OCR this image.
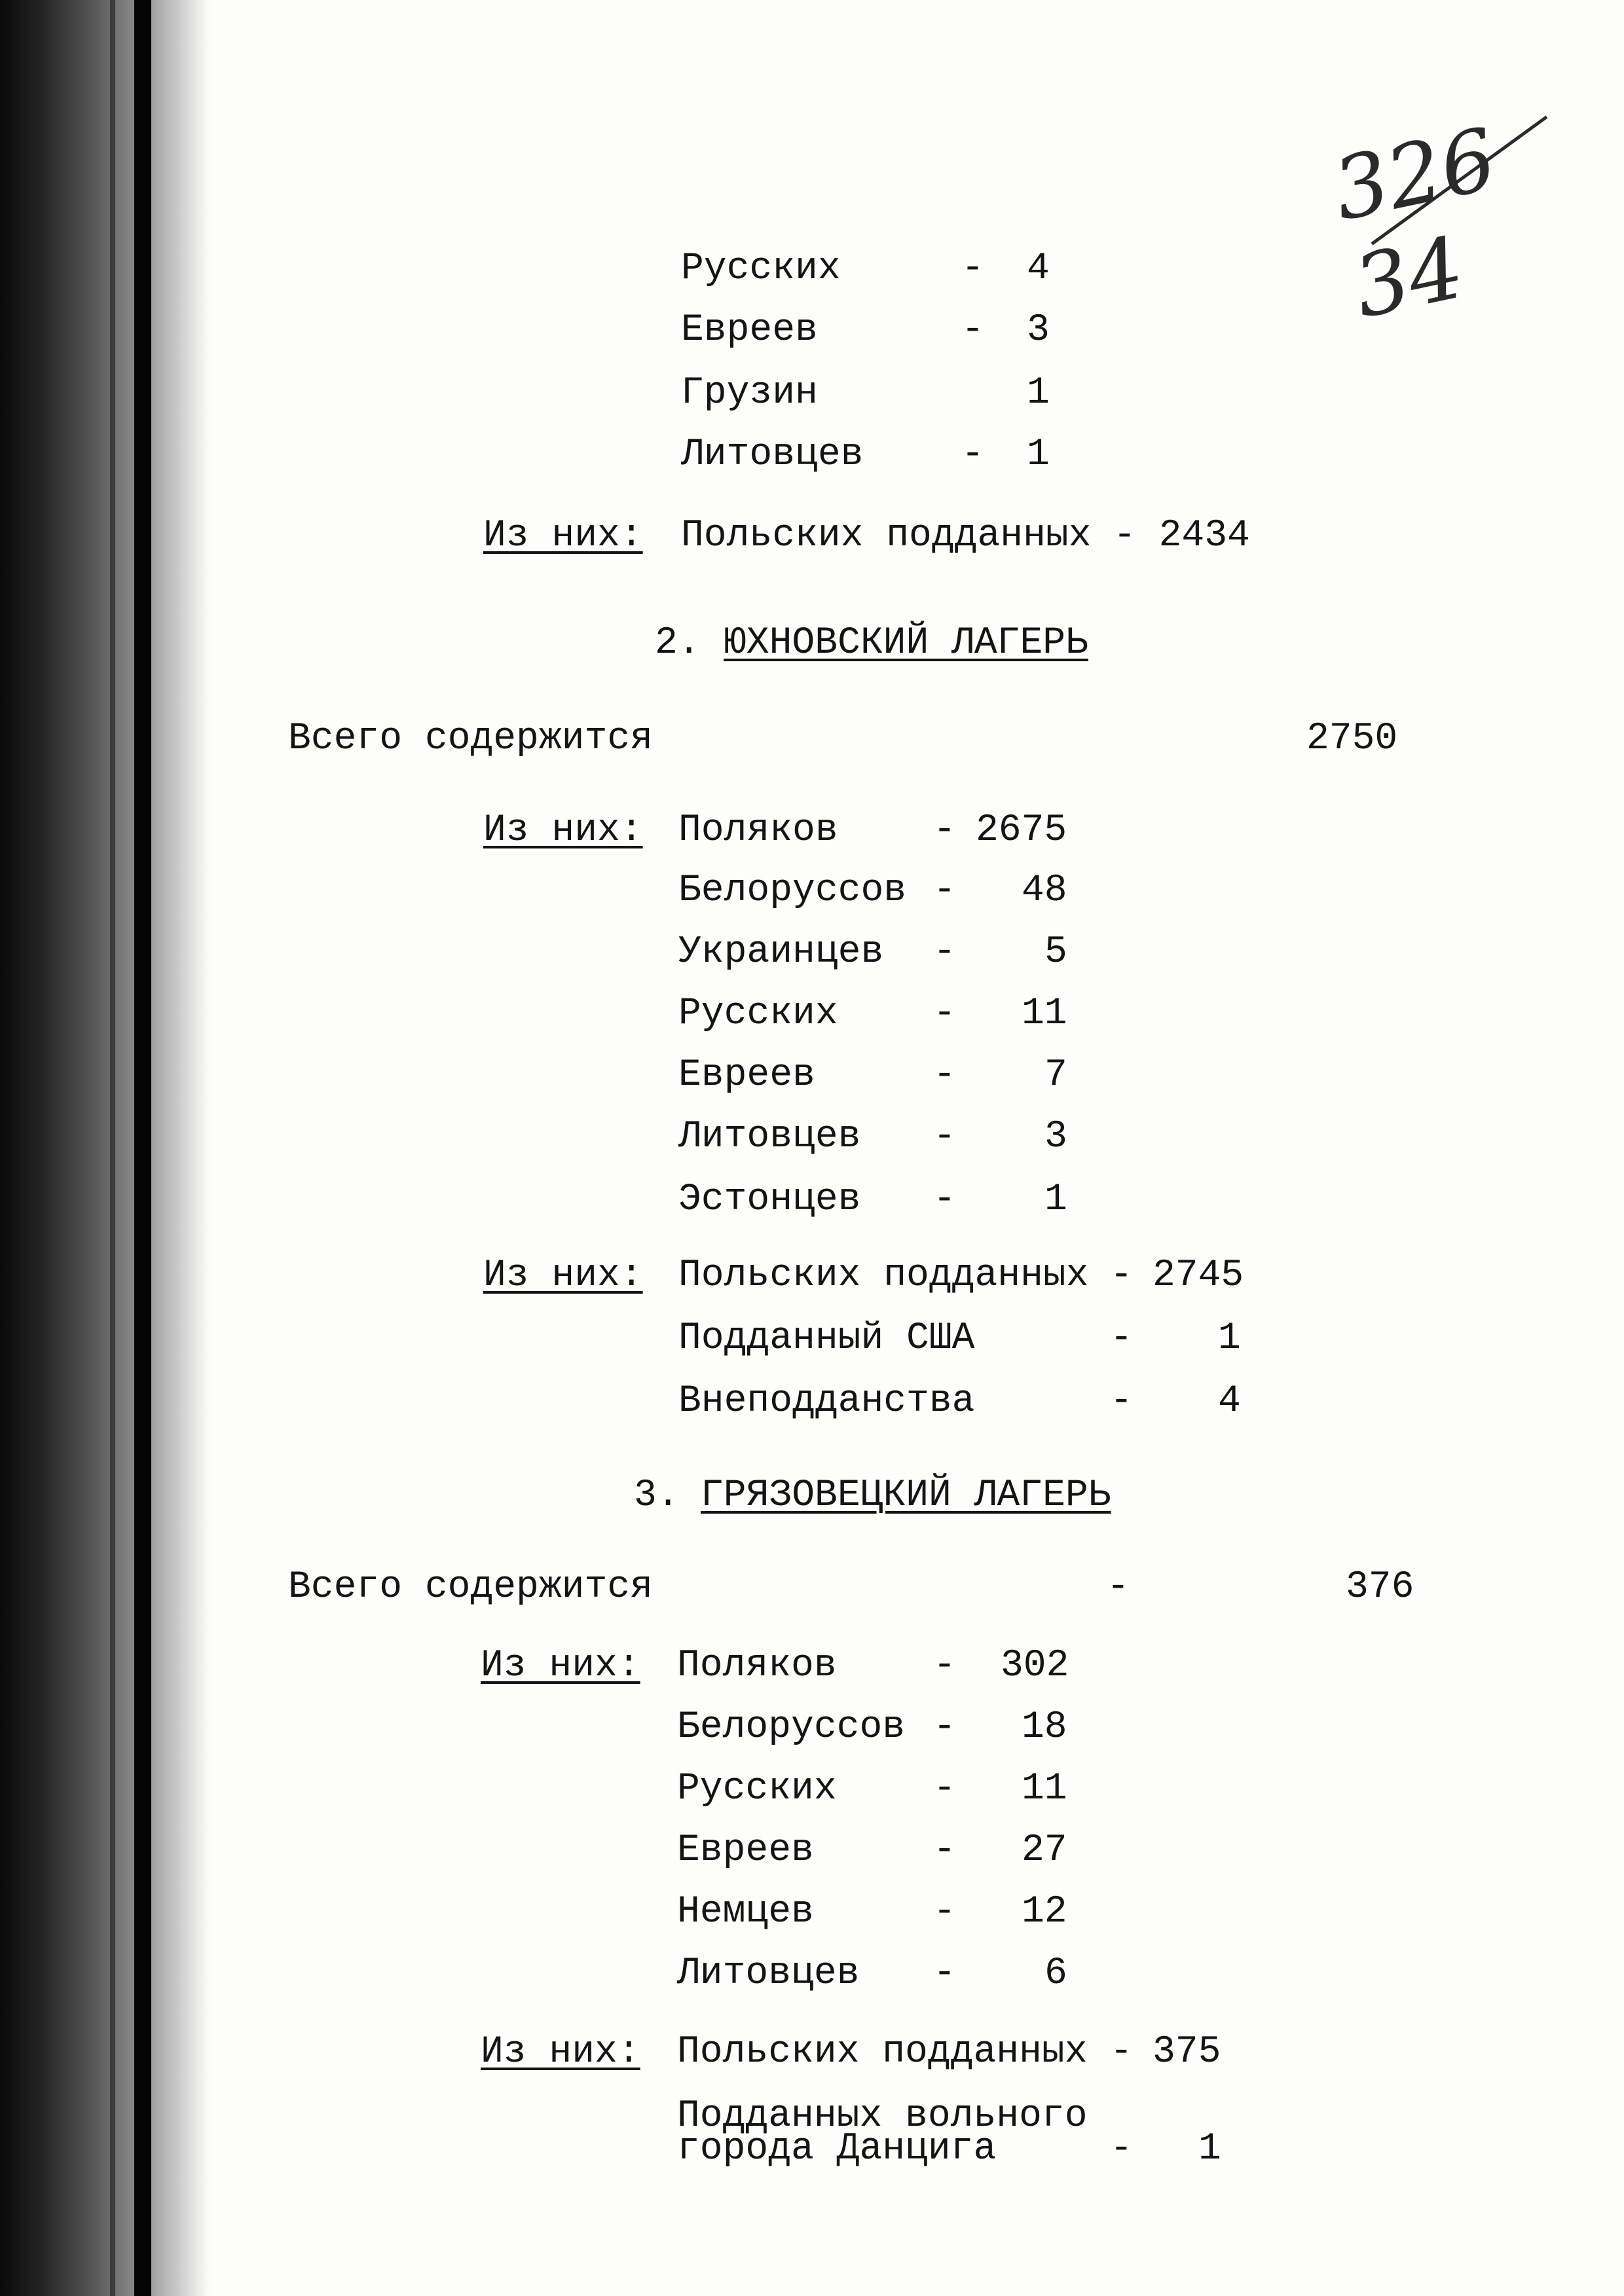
326 34
Русских	- 4
Евреев	- 3
Грузин	1
Литовцев	- 1
Из них: Польских подданных - 2434
2. ЮХНОВСКИЙ ЛАГЕРЬ
Всего содержится	2750
Из них: Поляков	- 2675
Белоруссов - 48
Украинцев - 5
Русских	- 11
Евреев	- 7
Литовцев - 3
Эстонцев - 1
Из них: Польских подданных - 2745
Подданный США	- 1
Внеподданства	- 4
3. ГРЯЗОВЕЦКИЙ ЛАГЕРЬ
Всего содержится	-	376
Из них: Поляков	- 302
Белоруссов - 18
Русских	- 11
Евреев	- 27
Немцев	- 12
Литовцев - 6
Из них: Польских подданных - 375
Подданных вольного
города Данцига	- 1
